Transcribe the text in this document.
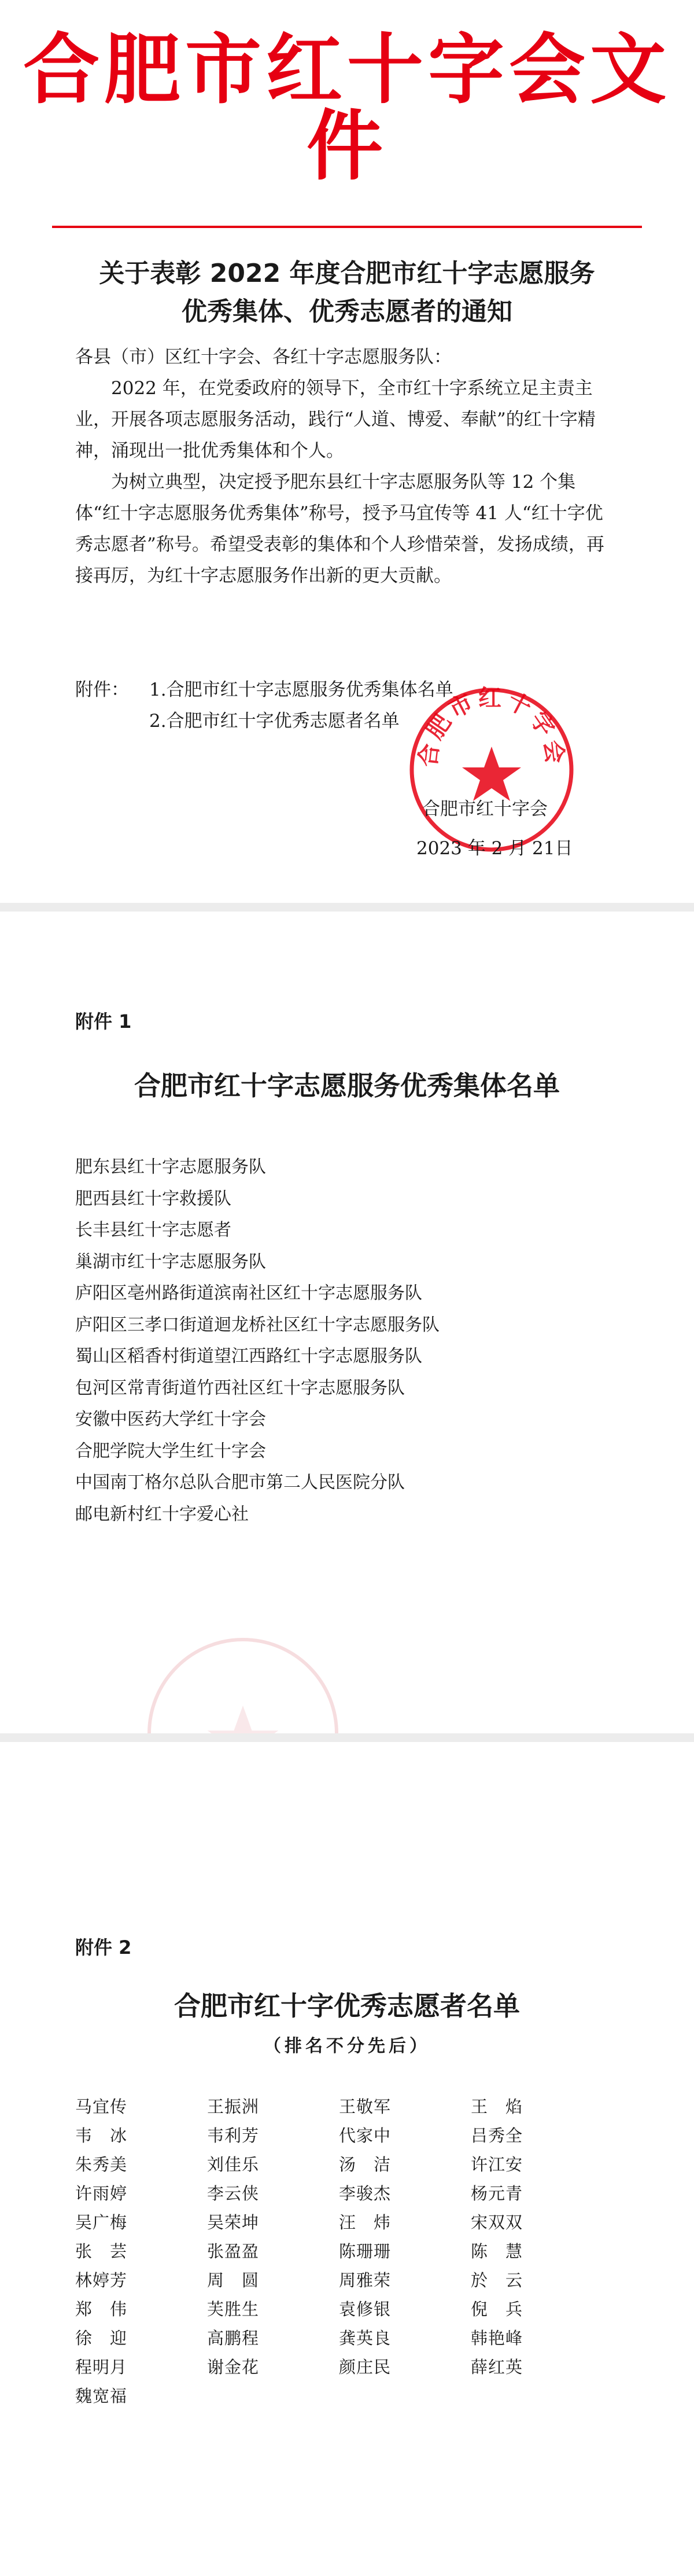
合肥市红十字会文件
关于表彰 2022 年度合肥市红十字志愿服务
优秀集体、优秀志愿者的通知

各县（市）区红十字会、各红十字志愿服务队：

2022 年，在党委政府的领导下，全市红十字系统立足主责主业，开展各项志愿服务活动，践行“人道、博爱、奉献”的红十字精神，涌现出一批优秀集体和个人。

为树立典型，决定授予肥东县红十字志愿服务队等 12 个集体“红十字志愿服务优秀集体”称号，授予马宜传等 41 人“红十字优秀志愿者”称号。希望受表彰的集体和个人珍惜荣誉，发扬成绩，再接再厉，为红十字志愿服务作出新的更大贡献。

附件： 1.合肥市红十字志愿服务优秀集体名单
2.合肥市红十字优秀志愿者名单
合肥市红十字会
合肥市红十字会
2023 年 2 月 21日
附件 1
合肥市红十字志愿服务优秀集体名单
肥东县红十字志愿服务队
肥西县红十字救援队
长丰县红十字志愿者
巢湖市红十字志愿服务队
庐阳区亳州路街道滨南社区红十字志愿服务队
庐阳区三孝口街道迴龙桥社区红十字志愿服务队
蜀山区稻香村街道望江西路红十字志愿服务队
包河区常青街道竹西社区红十字志愿服务队
安徽中医药大学红十字会
合肥学院大学生红十字会
中国南丁格尔总队合肥市第二人民医院分队
邮电新村红十字爱心社
附件 2
合肥市红十字优秀志愿者名单
（排名不分先后）
马宜传	王振洲	王敬军	王　焰
韦　冰	韦利芳	代家中	吕秀全
朱秀美	刘佳乐	汤　洁	许江安
许雨婷	李云侠	李骏杰	杨元青
吴广梅	吴荣坤	汪　炜	宋双双
张　芸	张盈盈	陈珊珊	陈　慧
林婷芳	周　圆	周雅荣	於　云
郑　伟	芙胜生	袁修银	倪　兵
徐　迎	高鹏程	龚英良	韩艳峰
程明月	谢金花	颜庄民	薛红英
魏宽福
